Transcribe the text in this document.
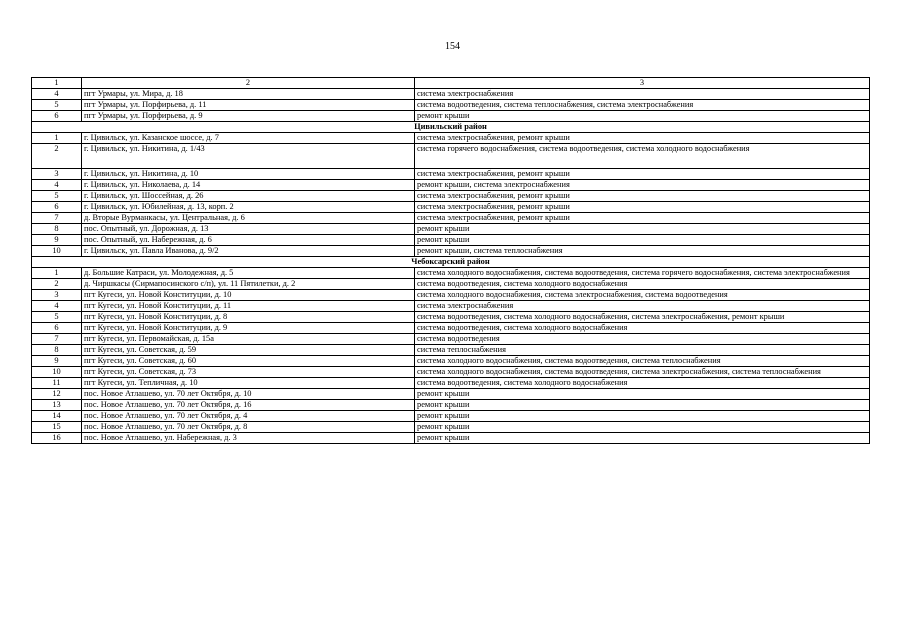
154
1	2	3
4	пгт Урмары, ул. Мира, д. 18	система электроснабжения
5	пгт Урмары, ул. Порфирьева, д. 11	система водоотведения, система теплоснабжения, система электроснабжения
6	пгт Урмары, ул. Порфирьева, д. 9	ремонт крыши
Цивильский район		
1	г. Цивильск, ул. Казанское шоссе, д. 7	система электроснабжения, ремонт крыши
2	г. Цивильск, ул. Никитина, д. 1/43	система горячего водоснабжения, система водоотведения, система холодного водоснабжения
3	г. Цивильск, ул. Никитина, д. 10	система электроснабжения, ремонт крыши
4	г. Цивильск, ул. Николаева, д. 14	ремонт крыши, система электроснабжения
5	г. Цивильск, ул. Шоссейная, д. 26	система электроснабжения, ремонт крыши
6	г. Цивильск, ул. Юбилейная, д. 13, корп. 2	система электроснабжения, ремонт крыши
7	д. Вторые Вурманкасы, ул. Центральная, д. 6	система электроснабжения, ремонт крыши
8	пос. Опытный, ул. Дорожная, д. 13	ремонт крыши
9	пос. Опытный, ул. Набережная, д. 6	ремонт крыши
10	г. Цивильск, ул. Павла Иванова, д. 9/2	ремонт крыши, система теплоснабжения
Чебоксарский район		
1	д. Большие Катраси, ул. Молодежная, д. 5	система холодного водоснабжения, система водоотведения, система горячего водоснабжения, система электроснабжения
2	д. Чиршкасы (Сирмапосинского с/п), ул. 11 Пятилетки, д. 2	система водоотведения, система холодного водоснабжения
3	пгт Кугеси, ул. Новой Конституции, д. 10	система холодного водоснабжения, система электроснабжения, система водоотведения
4	пгт Кугеси, ул. Новой Конституции, д. 11	система электроснабжения
5	пгт Кугеси, ул. Новой Конституции, д. 8	система водоотведения, система холодного водоснабжения, система электроснабжения, ремонт крыши
6	пгт Кугеси, ул. Новой Конституции, д. 9	система водоотведения, система холодного водоснабжения
7	пгт Кугеси, ул. Первомайская, д. 15а	система водоотведения
8	пгт Кугеси, ул. Советская, д. 59	система теплоснабжения
9	пгт Кугеси, ул. Советская, д. 60	система холодного водоснабжения, система водоотведения, система теплоснабжения
10	пгт Кугеси, ул. Советская, д. 73	система холодного водоснабжения, система водоотведения, система электроснабжения, система теплоснабжения
11	пгт Кугеси, ул. Тепличная, д. 10	система водоотведения, система холодного водоснабжения
12	пос. Новое Атлашево, ул. 70 лет Октября, д. 10	ремонт крыши
13	пос. Новое Атлашево, ул. 70 лет Октября, д. 16	ремонт крыши
14	пос. Новое Атлашево, ул. 70 лет Октября, д. 4	ремонт крыши
15	пос. Новое Атлашево, ул. 70 лет Октября, д. 8	ремонт крыши
16	пос. Новое Атлашево, ул. Набережная, д. 3	ремонт крыши
